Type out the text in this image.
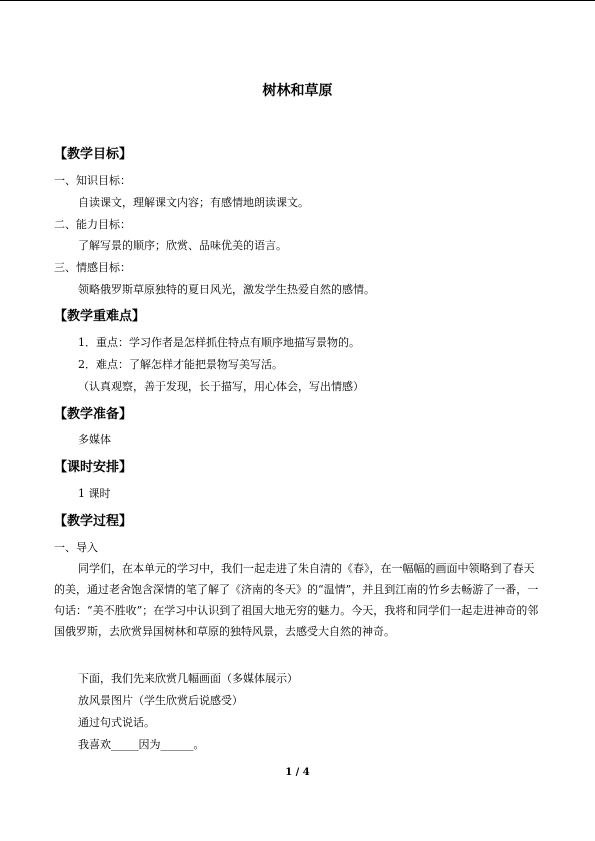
树林和草原
【教学目标】
一、知识目标：
自读课文，理解课文内容；有感情地朗读课文。
二、能力目标：
了解写景的顺序；欣赏、品味优美的语言。
三、情感目标：
领略俄罗斯草原独特的夏日风光，激发学生热爱自然的感情。
【教学重难点】
1．重点：学习作者是怎样抓住特点有顺序地描写景物的。
2．难点：了解怎样才能把景物写美写活。
（认真观察，善于发现，长于描写，用心体会，写出情感）
【教学准备】
多媒体
【课时安排】
1 课时
【教学过程】
一、导入
同学们，在本单元的学习中，我们一起走进了朱自清的《春》，在一幅幅的画面中领略到了春天的美，通过老舍饱含深情的笔了解了《济南的冬天》的“温情”，并且到江南的竹乡去畅游了一番，一句话：“美不胜收”；在学习中认识到了祖国大地无穷的魅力。今天，我将和同学们一起走进神奇的邻国俄罗斯，去欣赏异国树林和草原的独特风景，去感受大自然的神奇。
下面，我们先来欣赏几幅画面（多媒体展示）
放风景图片（学生欣赏后说感受）
通过句式说话。
我喜欢_____因为______。
1 / 4
